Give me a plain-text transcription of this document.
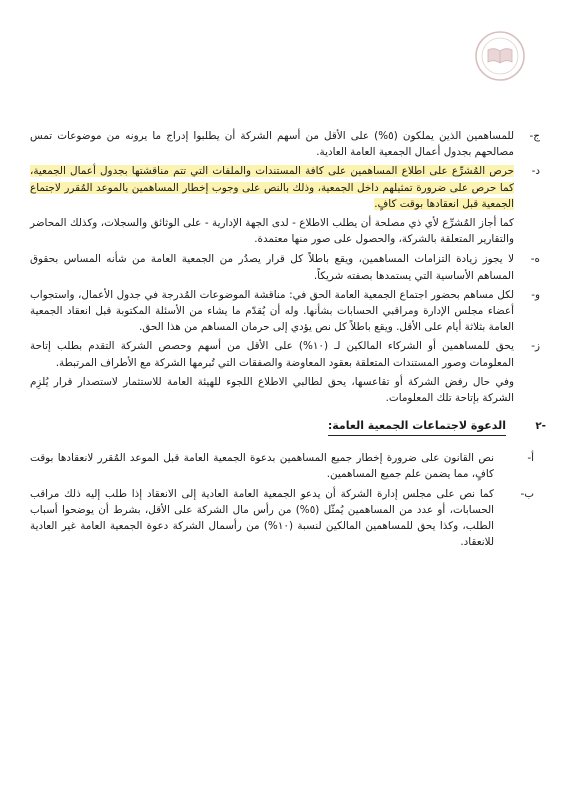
ج-

للمساهمين الذين يملكون (٥%) على الأقل من أسهم الشركة أن يطلبوا إدراج ما يرونه من موضوعات تمس مصالحهم بجدول أعمال الجمعية العامة العادية.

د-

حرص المُشرِّع على اطلاع المساهمين على كافة المستندات والملفات التي تتم مناقشتها بجدول أعمال الجمعية، كما حرص على ضرورة تمثيلهم داخل الجمعية، وذلك بالنص على وجوب إخطار المساهمين بالموعد المُقرر لاجتماع الجمعية قبل انعقادها بوقت كافٍ.

كما أجاز المُشرِّع لأي ذي مصلحة أن يطلب الاطلاع - لدى الجهة الإدارية - على الوثائق والسجلات، وكذلك المحاضر والتقارير المتعلقة بالشركة، والحصول على صور منها معتمدة.

ه-

لا يجوز زيادة التزامات المساهمين، ويقع باطلاً كل قرار يصدُر من الجمعية العامة من شأنه المساس بحقوق المساهم الأساسية التي يستمدها بصفته شريكاً.

و-

لكل مساهم بحضور اجتماع الجمعية العامة الحق في: مناقشة الموضوعات المُدرجة في جدول الأعمال، واستجواب أعضاء مجلس الإدارة ومراقبي الحسابات بشأنها. وله أن يُقدّم ما يشاء من الأسئلة المكتوبة قبل انعقاد الجمعية العامة بثلاثة أيام على الأقل. ويقع باطلاً كل نص يؤدي إلى حرمان المساهم من هذا الحق.

ز-

يحق للمساهمين أو الشركاء المالكين لـ (١٠%) على الأقل من أسهم وحصص الشركة التقدم بطلب إتاحة المعلومات وصور المستندات المتعلقة بعقود المعاوضة والصفقات التي تُبرمها الشركة مع الأطراف المرتبطة.

وفي حال رفض الشركة أو تقاعسها، يحق لطالبي الاطلاع اللجوء للهيئة العامة للاستثمار لاستصدار قرار يُلزِم الشركة بإتاحة تلك المعلومات.

-٢
الدعوة لاجتماعات الجمعية العامة:
أ-

نص القانون على ضرورة إخطار جميع المساهمين بدعوة الجمعية العامة قبل الموعد المُقرر لانعقادها بوقت كافٍ، مما يضمن علم جميع المساهمين.

ب-

كما نص على مجلس إدارة الشركة أن يدعو الجمعية العامة العادية إلى الانعقاد إذا طلب إليه ذلك مراقب الحسابات، أو عدد من المساهمين يُمثّل (٥%) من رأس مال الشركة على الأقل، بشرط أن يوضحوا أسباب الطلب، وكذا يحق للمساهمين المالكين لنسبة (١٠%) من رأسمال الشركة دعوة الجمعية العامة غير العادية للانعقاد.
